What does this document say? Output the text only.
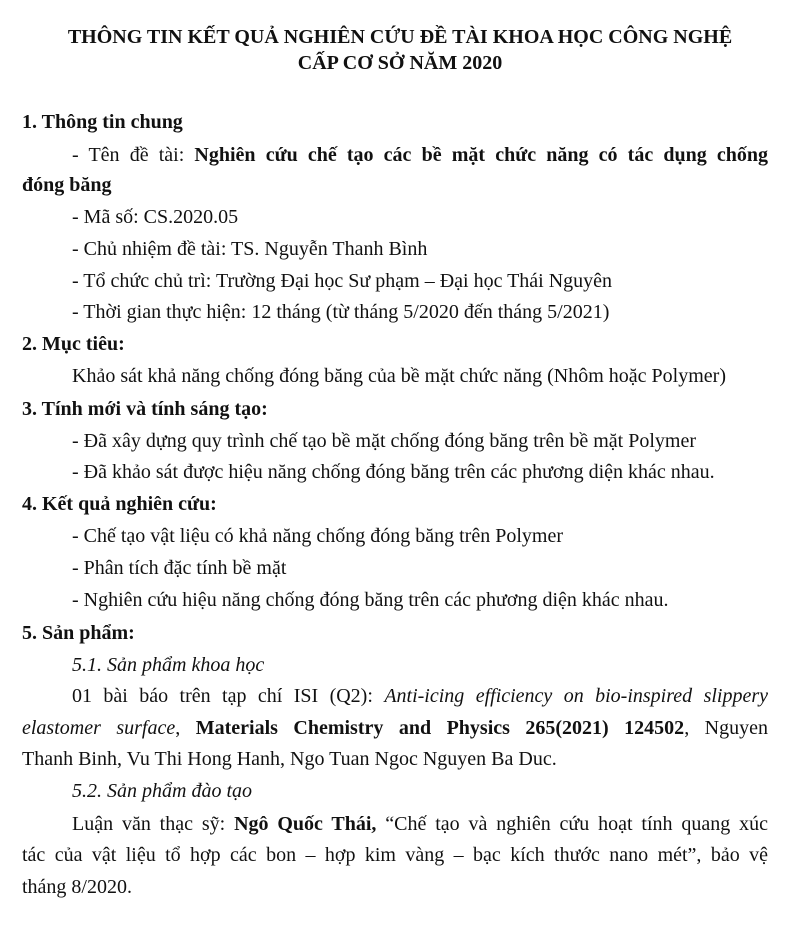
THÔNG TIN KẾT QUẢ NGHIÊN CỨU ĐỀ TÀI KHOA HỌC CÔNG NGHỆ
CẤP CƠ SỞ NĂM 2020
1. Thông tin chung
- Tên đề tài: Nghiên cứu chế tạo các bề mặt chức năng có tác dụng chống
đóng băng
- Mã số: CS.2020.05
- Chủ nhiệm đề tài: TS. Nguyễn Thanh Bình
- Tổ chức chủ trì: Trường Đại học Sư phạm – Đại học Thái Nguyên
- Thời gian thực hiện: 12 tháng (từ tháng 5/2020 đến tháng 5/2021)
2. Mục tiêu:
Khảo sát khả năng chống đóng băng của bề mặt chức năng (Nhôm hoặc Polymer)
3. Tính mới và tính sáng tạo:
- Đã xây dựng quy trình chế tạo bề mặt chống đóng băng trên bề mặt Polymer
- Đã khảo sát được hiệu năng chống đóng băng trên các phương diện khác nhau.
4. Kết quả nghiên cứu:
- Chế tạo vật liệu có khả năng chống đóng băng trên Polymer
- Phân tích đặc tính bề mặt
- Nghiên cứu hiệu năng chống đóng băng trên các phương diện khác nhau.
5. Sản phẩm:
5.1. Sản phẩm khoa học
01 bài báo trên tạp chí ISI (Q2): Anti-icing efficiency on bio-inspired slippery
elastomer surface, Materials Chemistry and Physics 265(2021) 124502, Nguyen
Thanh Binh, Vu Thi Hong Hanh, Ngo Tuan Ngoc Nguyen Ba Duc.
5.2. Sản phẩm đào tạo
Luận văn thạc sỹ: Ngô Quốc Thái, “Chế tạo và nghiên cứu hoạt tính quang xúc
tác của vật liệu tổ hợp các bon – hợp kim vàng – bạc kích thước nano mét”, bảo vệ
tháng 8/2020.
